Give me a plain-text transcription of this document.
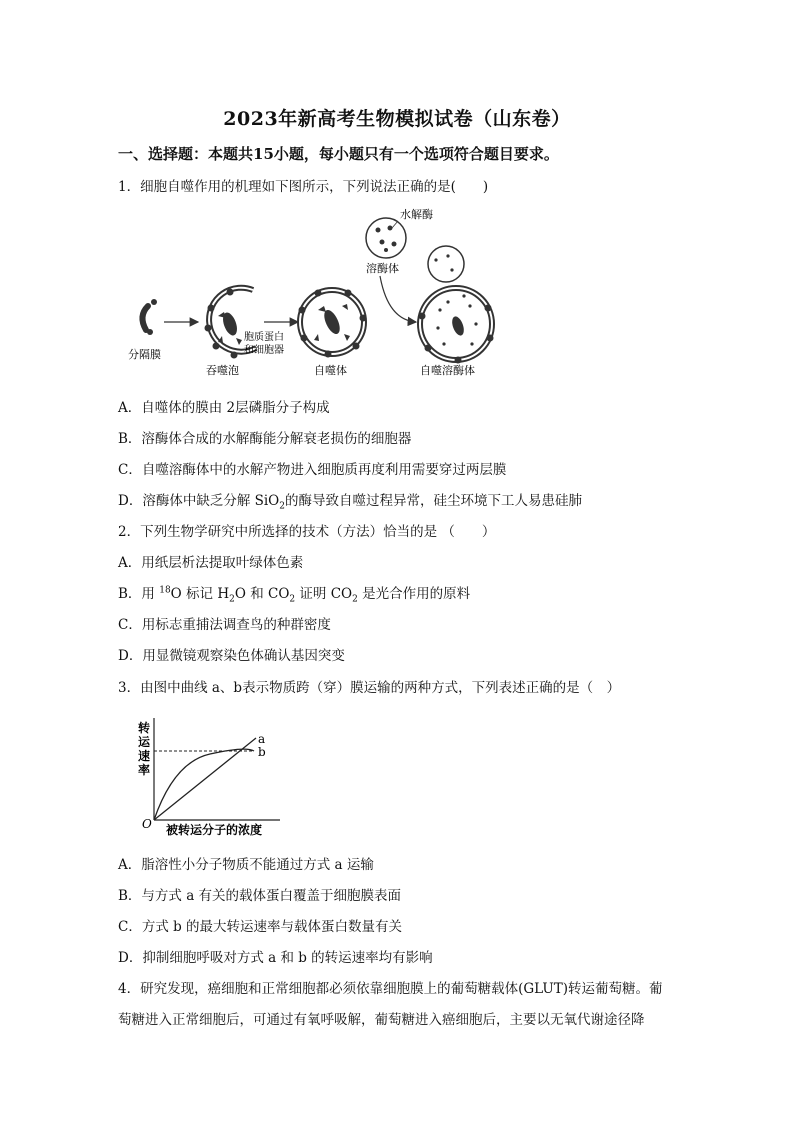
2023年新高考生物模拟试卷（山东卷）
一、选择题：本题共15小题，每小题只有一个选项符合题目要求。
1．细胞自噬作用的机理如下图所示，下列说法正确的是(　　)
分隔膜
吞噬泡
胞质蛋白
和细胞器
自噬体
水解酶
溶酶体
自噬溶酶体
A．自噬体的膜由 2层磷脂分子构成
B．溶酶体合成的水解酶能分解衰老损伤的细胞器
C．自噬溶酶体中的水解产物进入细胞质再度利用需要穿过两层膜
D．溶酶体中缺乏分解 SiO$_2$的酶导致自噬过程异常，硅尘环境下工人易患硅肺
2．下列生物学研究中所选择的技术（方法）恰当的是 （　　）
A．用纸层析法提取叶绿体色素
B．用 $^{18}$O 标记 $H_2O$ 和 $CO_2$ 证明 $CO_2$ 是光合作用的原料
C．用标志重捕法调查鸟的种群密度
D．用显微镜观察染色体确认基因突变
3．由图中曲线 a、b表示物质跨（穿）膜运输的两种方式，下列表述正确的是（　）
转
运
速
率
O 被转运分子的浓度
a
b
A．脂溶性小分子物质不能通过方式 a 运输
B．与方式 a 有关的载体蛋白覆盖于细胞膜表面
C．方式 b 的最大转运速率与载体蛋白数量有关
D．抑制细胞呼吸对方式 a 和 b 的转运速率均有影响
4．研究发现，癌细胞和正常细胞都必须依靠细胞膜上的葡萄糖载体(GLUT)转运葡萄糖。葡
萄糖进入正常细胞后，可通过有氧呼吸解，葡萄糖进入癌细胞后，主要以无氧代谢途径降
